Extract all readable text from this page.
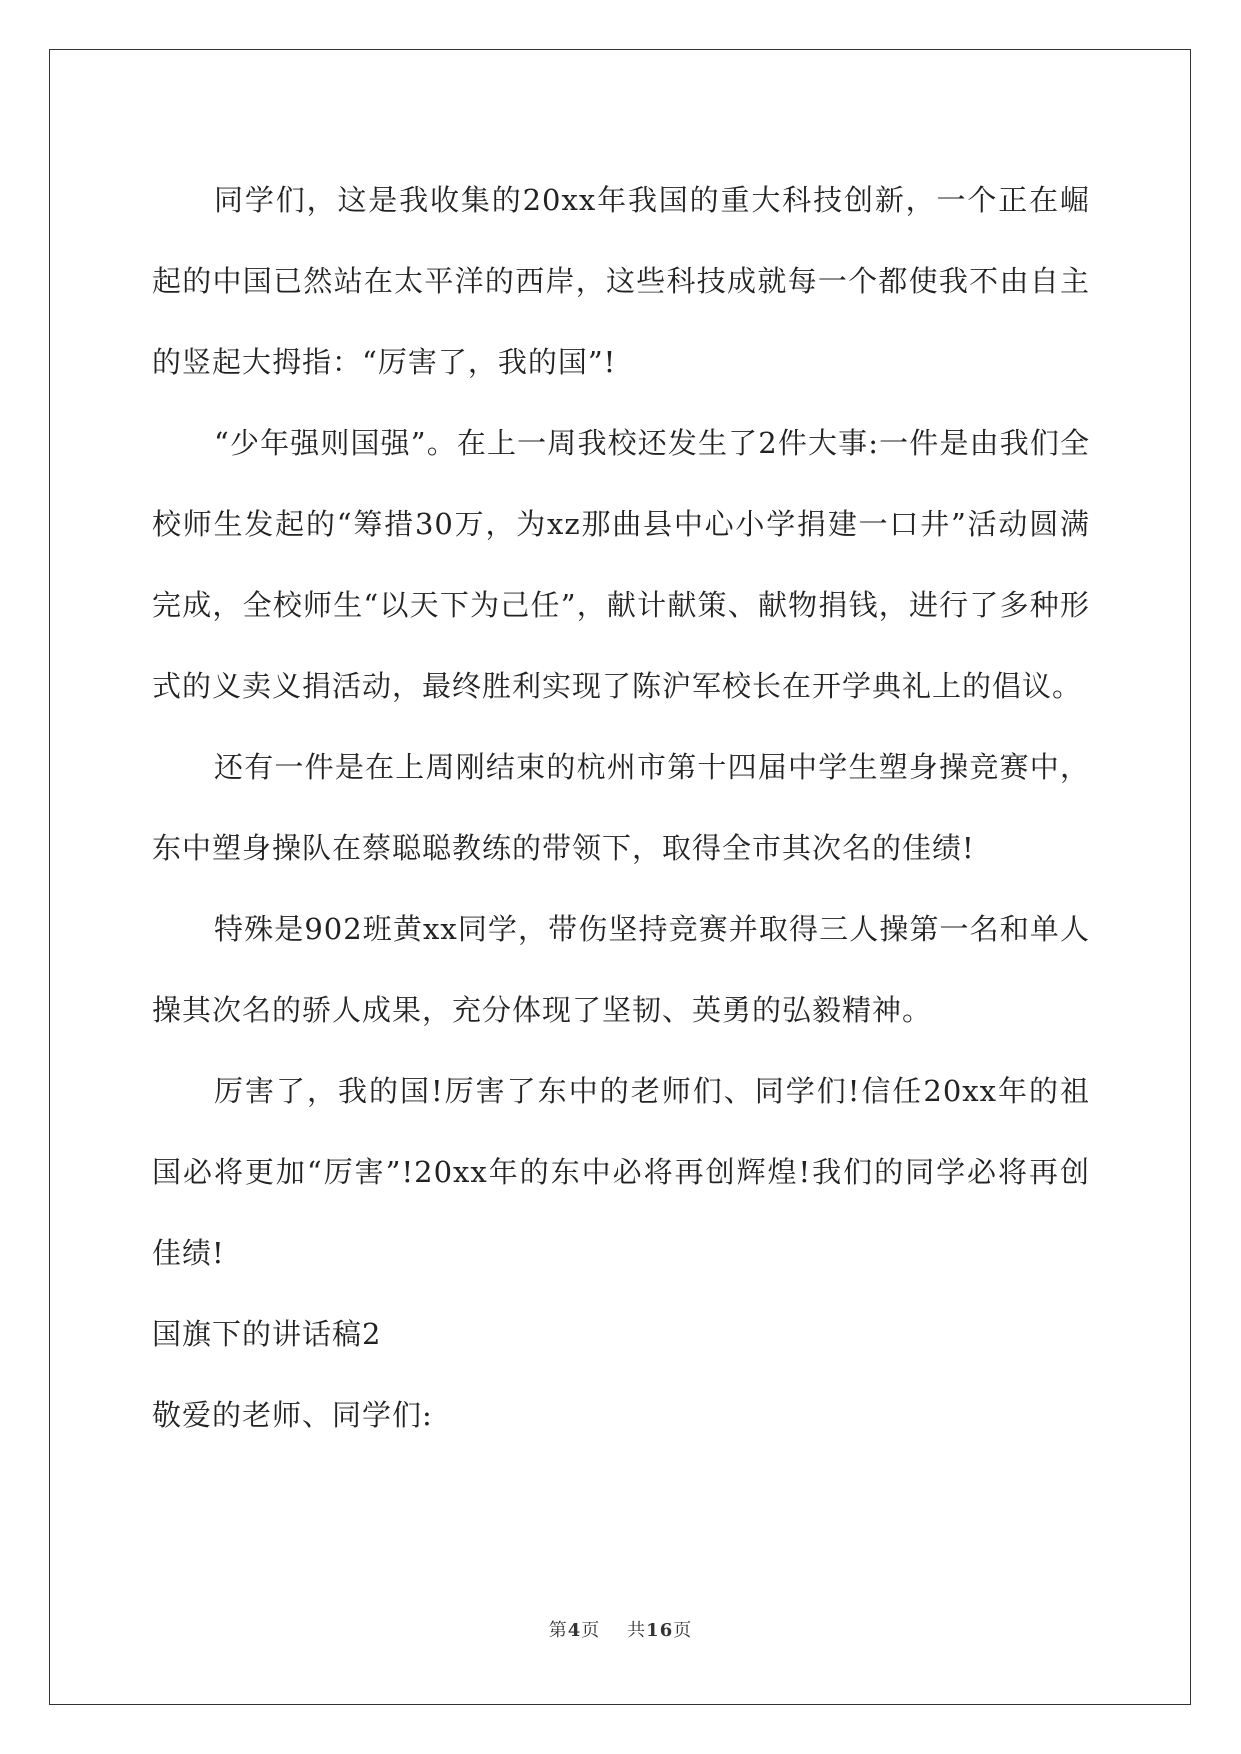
同学们，这是我收集的20xx年我国的重大科技创新，一个正在崛起的中国已然站在太平洋的西岸，这些科技成就每一个都使我不由自主的竖起大拇指：“厉害了，我的国”!

“少年强则国强”。在上一周我校还发生了2件大事:一件是由我们全校师生发起的“筹措30万，为xz那曲县中心小学捐建一口井”活动圆满完成，全校师生“以天下为己任”，献计献策、献物捐钱，进行了多种形式的义卖义捐活动，最终胜利实现了陈沪军校长在开学典礼上的倡议。

还有一件是在上周刚结束的杭州市第十四届中学生塑身操竞赛中，东中塑身操队在蔡聪聪教练的带领下，取得全市其次名的佳绩!

特殊是902班黄xx同学，带伤坚持竞赛并取得三人操第一名和单人操其次名的骄人成果，充分体现了坚韧、英勇的弘毅精神。

厉害了，我的国!厉害了东中的老师们、同学们!信任20xx年的祖国必将更加“厉害”!20xx年的东中必将再创辉煌!我们的同学必将再创佳绩!

国旗下的讲话稿2

敬爱的老师、同学们:

第4页 共16页
